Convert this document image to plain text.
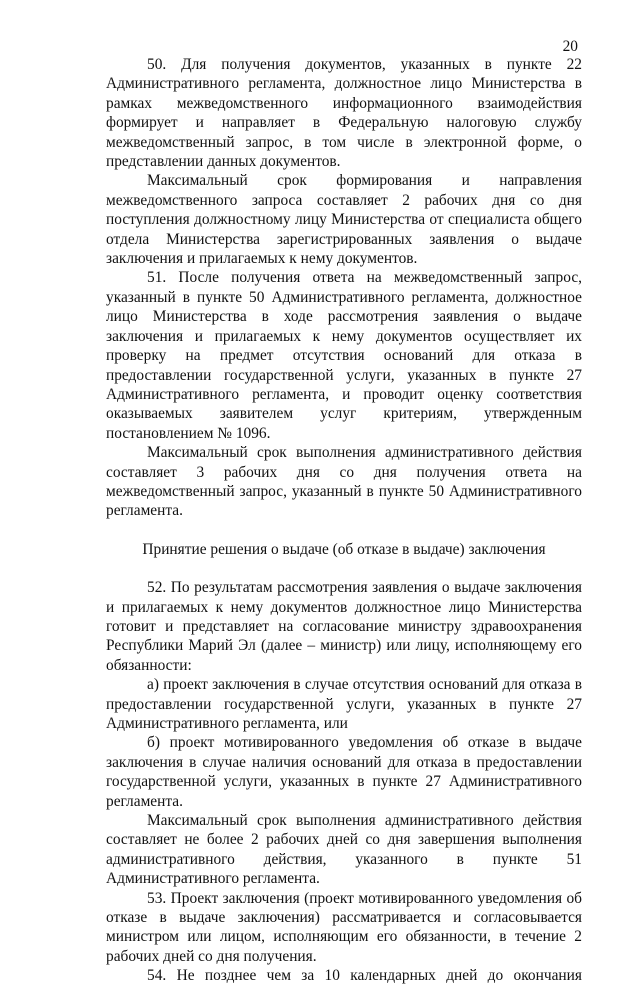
20

50. Для получения документов, указанных в пункте 22 Административного регламента, должностное лицо Министерства в рамках межведомственного информационного взаимодействия формирует и направляет в Федеральную налоговую службу межведомственный запрос, в том числе в электронной форме, о представлении данных документов.

Максимальный срок формирования и направления межведомственного запроса составляет 2 рабочих дня со дня поступления должностному лицу Министерства от специалиста общего отдела Министерства зарегистрированных заявления о выдаче заключения и прилагаемых к нему документов.

51. После получения ответа на межведомственный запрос, указанный в пункте 50 Административного регламента, должностное лицо Министерства в ходе рассмотрения заявления о выдаче заключения и прилагаемых к нему документов осуществляет их проверку на предмет отсутствия оснований для отказа в предоставлении государственной услуги, указанных в пункте 27 Административного регламента, и проводит оценку соответствия оказываемых заявителем услуг критериям, утвержденным постановлением № 1096.

Максимальный срок выполнения административного действия составляет 3 рабочих дня со дня получения ответа на межведомственный запрос, указанный в пункте 50 Административного регламента.

Принятие решения о выдаче (об отказе в выдаче) заключения

52. По результатам рассмотрения заявления о выдаче заключения и прилагаемых к нему документов должностное лицо Министерства готовит и представляет на согласование министру здравоохранения Республики Марий Эл (далее – министр) или лицу, исполняющему его обязанности:

а) проект заключения в случае отсутствия оснований для отказа в предоставлении государственной услуги, указанных в пункте 27 Административного регламента, или

б) проект мотивированного уведомления об отказе в выдаче заключения в случае наличия оснований для отказа в предоставлении государственной услуги, указанных в пункте 27 Административного регламента.

Максимальный срок выполнения административного действия составляет не более 2 рабочих дней со дня завершения выполнения административного действия, указанного в пункте 51 Административного регламента.

53. Проект заключения (проект мотивированного уведомления об отказе в выдаче заключения) рассматривается и согласовывается министром или лицом, исполняющим его обязанности, в течение 2 рабочих дней со дня получения.

54. Не позднее чем за 10 календарных дней до окончания
